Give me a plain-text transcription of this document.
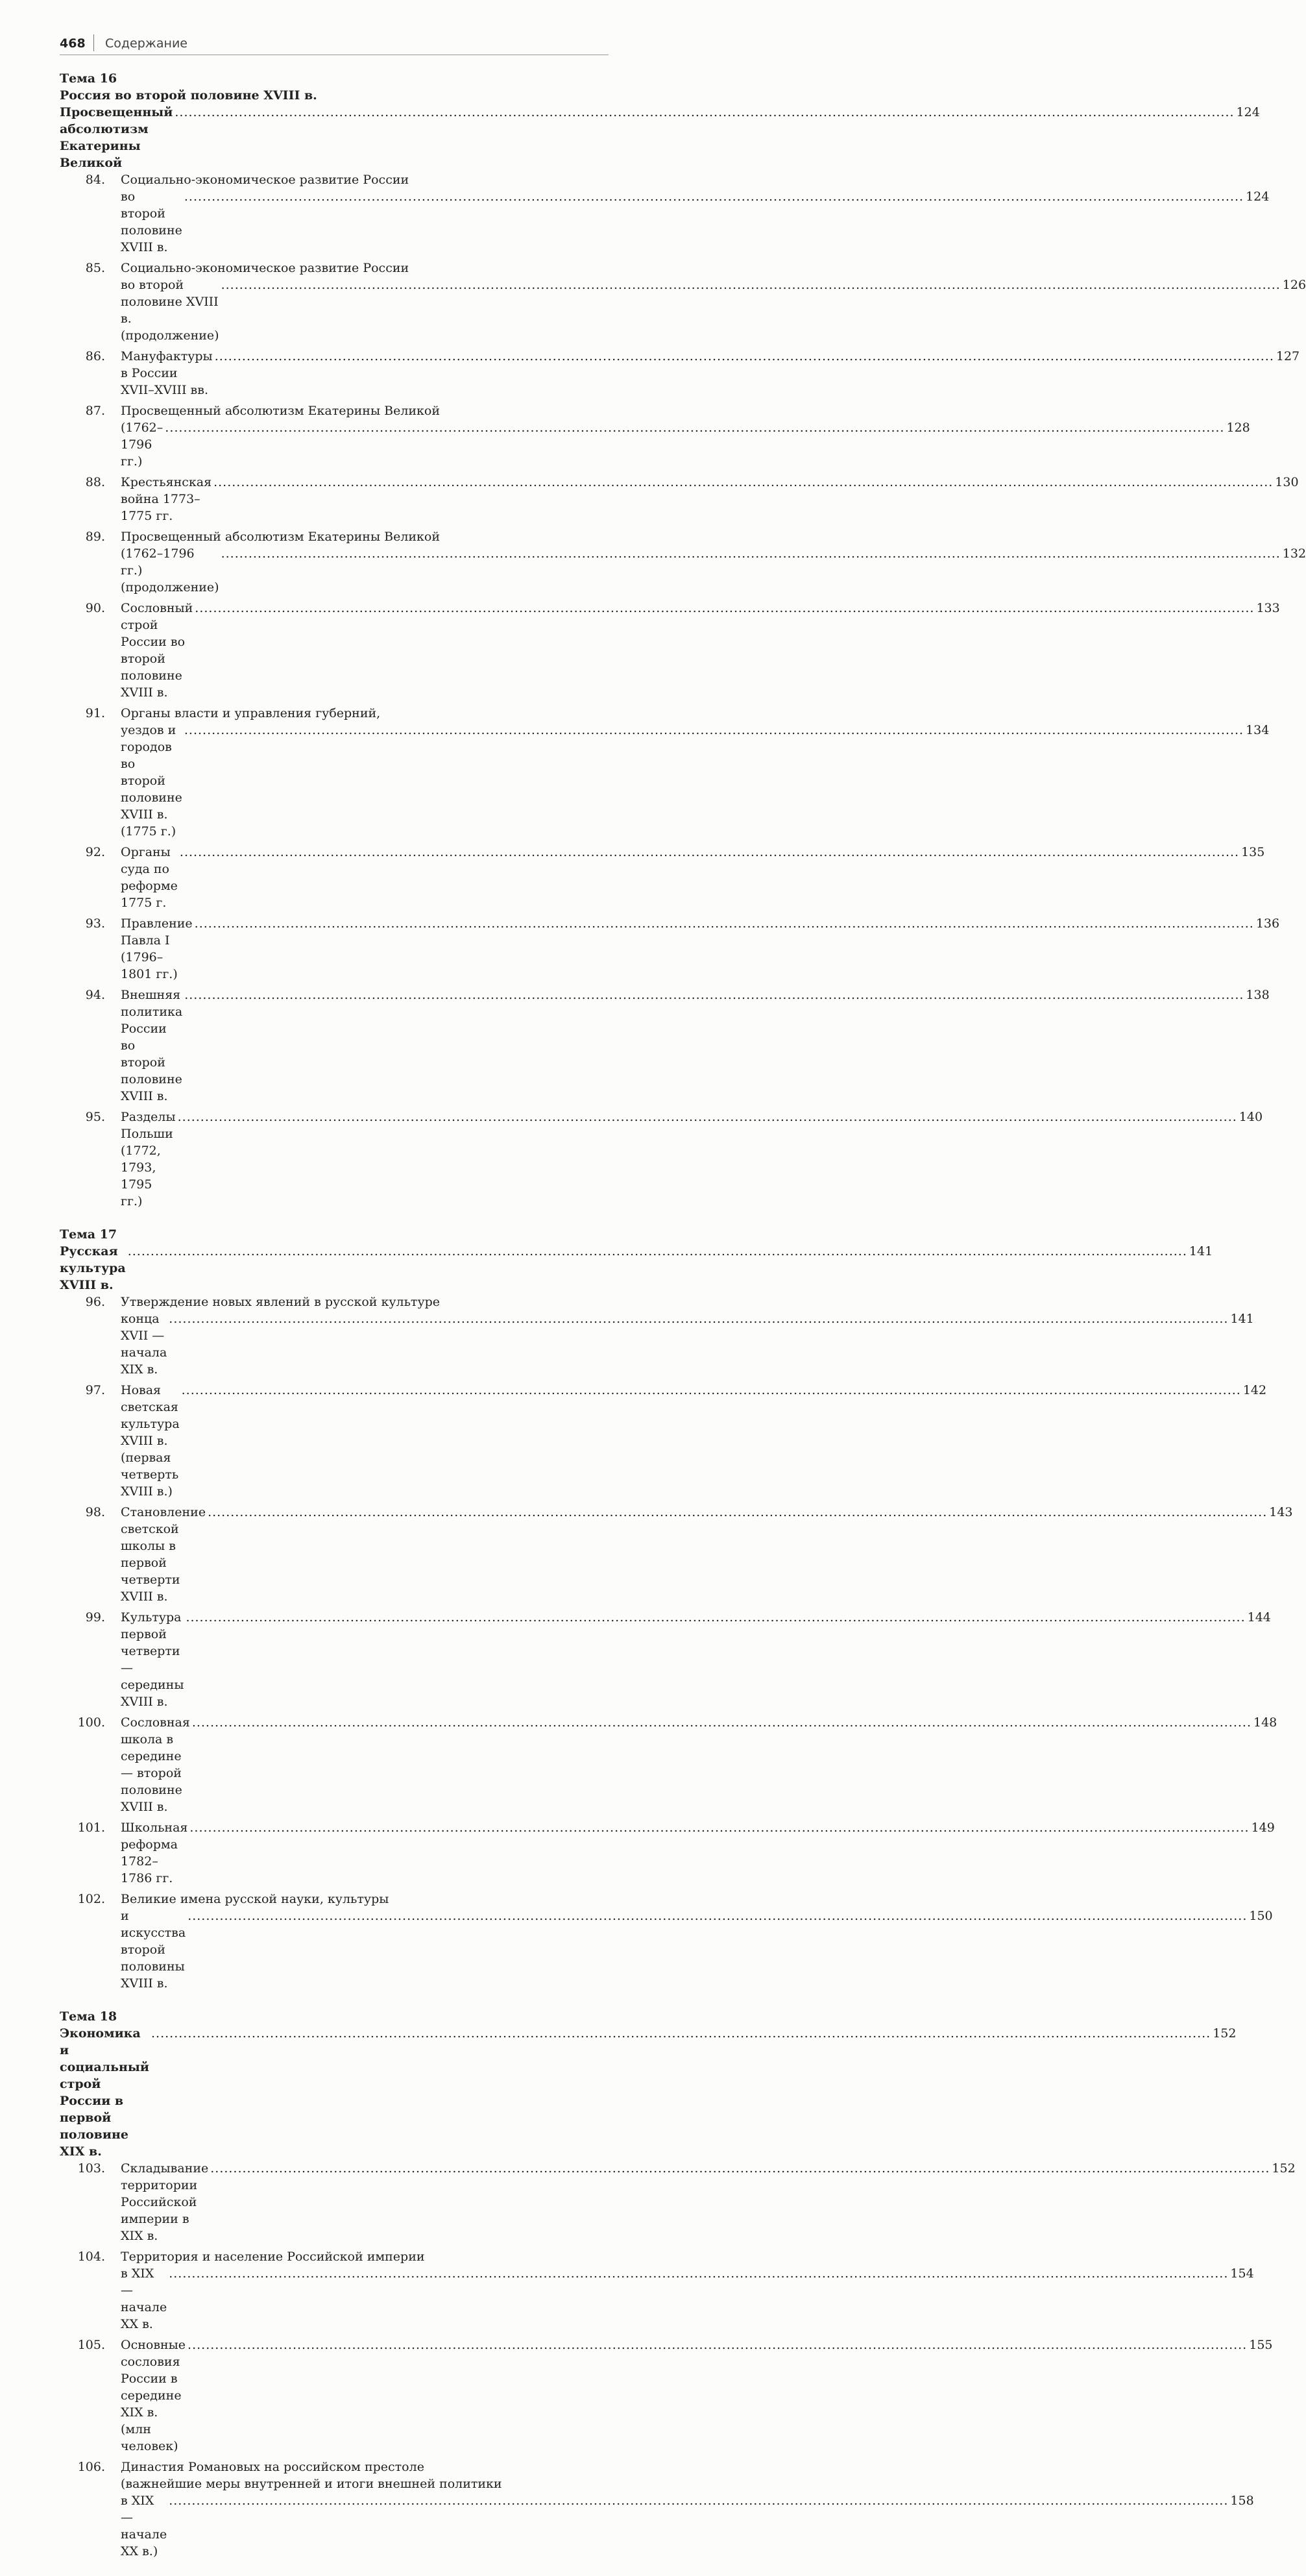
468 Содержание
Тема 16
Россия во второй половине XVIII в.
Просвещенный абсолютизм Екатерины Великой
.....
124
84.	Социально-экономическое развитие России
во второй половине XVIII в.
.....
124
85.	Социально-экономическое развитие России
во второй половине XVIII в. (продолжение)
.....
126
86.	Мануфактуры в России XVII–XVIII вв.
.....
127
87.	Просвещенный абсолютизм Екатерины Великой
(1762–1796 гг.)
.....
128
88.	Крестьянская война 1773–1775 гг.
.....
130
89.	Просвещенный абсолютизм Екатерины Великой
(1762–1796 гг.) (продолжение)
.....
132
90.	Сословный строй России во второй половине XVIII в.
.....
133
91.	Органы власти и управления губерний,
уездов и городов во второй половине XVIII в. (1775 г.)
.....
134
92.	Органы суда по реформе 1775 г.
.....
135
93.	Правление Павла I (1796–1801 гг.)
.....
136
94.	Внешняя политика России во второй половине XVIII в.
.....
138
95.	Разделы Польши (1772, 1793, 1795 гг.)
.....
140
Тема 17
Русская культура XVIII в.
.....
141
96.	Утверждение новых явлений в русской культуре
конца XVII — начала XIX в.
.....
141
97.	Новая светская культура XVIII в. (первая четверть XVIII в.)
.....
142
98.	Становление светской школы в первой четверти XVIII в.
.....
143
99.	Культура первой четверти — середины XVIII в.
.....
144
100.	Сословная школа в середине — второй половине XVIII в.
.....
148
101.	Школьная реформа 1782–1786 гг.
.....
149
102.	Великие имена русской науки, культуры
и искусства второй половины XVIII в.
.....
150
Тема 18
Экономика и социальный строй России в первой половине XIX в.
.....
152
103.	Складывание территории Российской империи в XIX в.
.....
152
104.	Территория и население Российской империи
в XIX — начале XX в.
.....
154
105.	Основные сословия России в середине XIX в. (млн человек)
.....
155
106.	Династия Романовых на российском престоле
(важнейшие меры внутренней и итоги внешней политики
в XIX — начале XX в.)
.....
158
